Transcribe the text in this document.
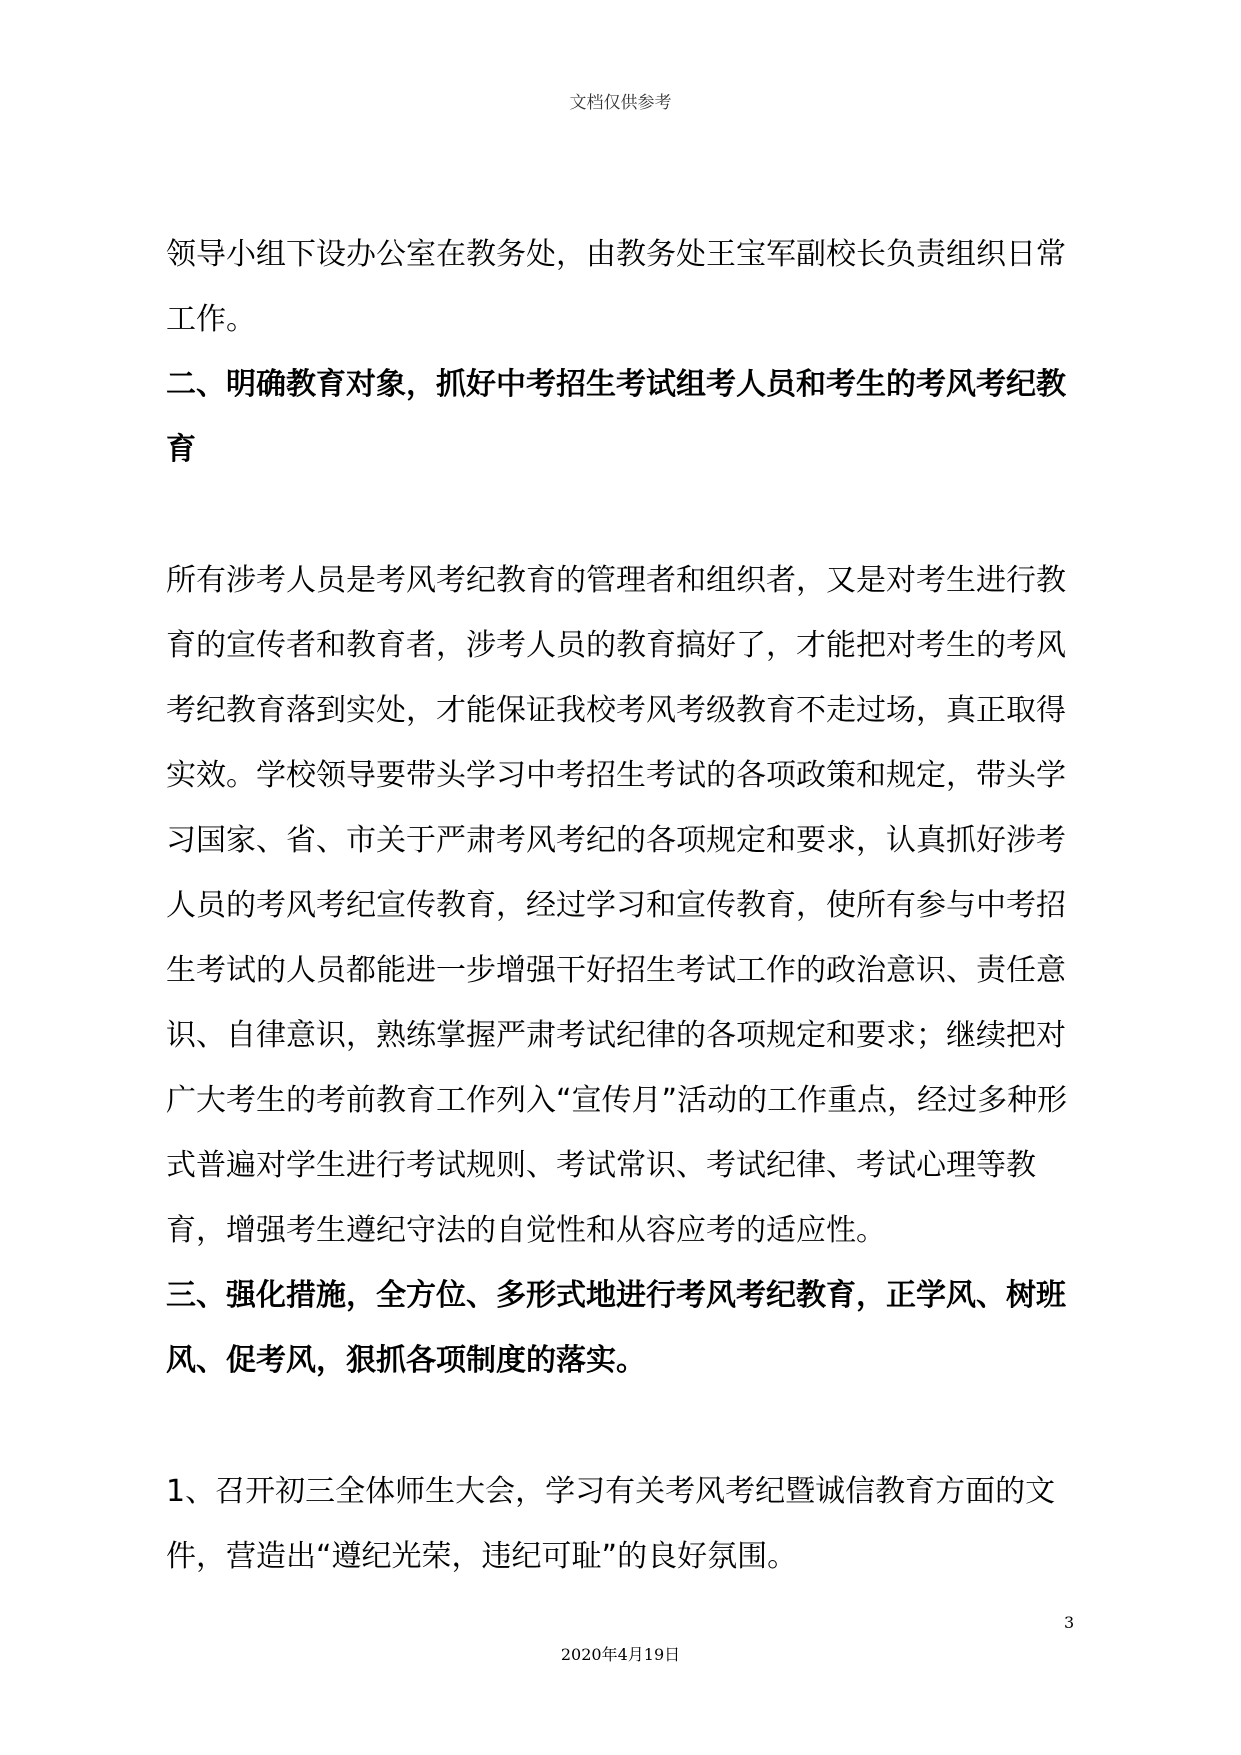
文档仅供参考

领导小组下设办公室在教务处，由教务处王宝军副校长负责组织日常工作。

二、明确教育对象，抓好中考招生考试组考人员和考生的考风考纪教育

所有涉考人员是考风考纪教育的管理者和组织者，又是对考生进行教育的宣传者和教育者，涉考人员的教育搞好了，才能把对考生的考风考纪教育落到实处，才能保证我校考风考级教育不走过场，真正取得实效。学校领导要带头学习中考招生考试的各项政策和规定，带头学习国家、省、市关于严肃考风考纪的各项规定和要求，认真抓好涉考人员的考风考纪宣传教育，经过学习和宣传教育，使所有参与中考招生考试的人员都能进一步增强干好招生考试工作的政治意识、责任意识、自律意识，熟练掌握严肃考试纪律的各项规定和要求；继续把对广大考生的考前教育工作列入“宣传月”活动的工作重点，经过多种形式普遍对学生进行考试规则、考试常识、考试纪律、考试心理等教育，增强考生遵纪守法的自觉性和从容应考的适应性。

三、强化措施，全方位、多形式地进行考风考纪教育，正学风、树班风、促考风，狠抓各项制度的落实。

1、召开初三全体师生大会，学习有关考风考纪暨诚信教育方面的文件，营造出“遵纪光荣，违纪可耻”的良好氛围。

3
2020年4月19日
